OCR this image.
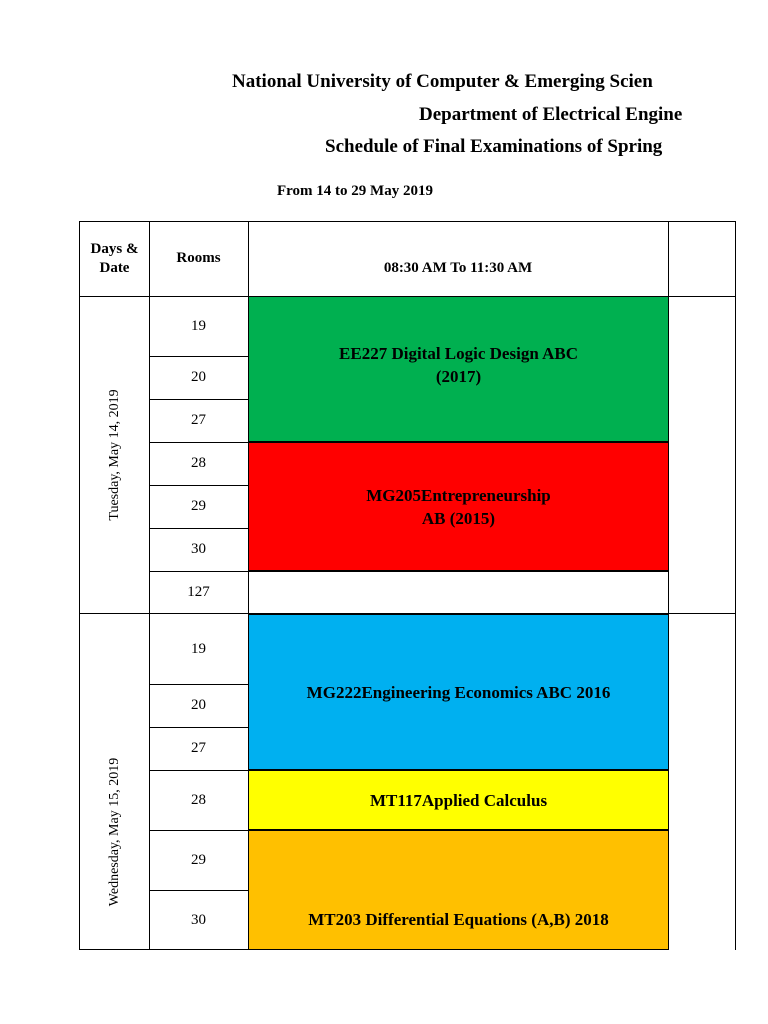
National University of Computer & Emerging Scien
Department of Electrical Engine
Schedule of Final Examinations of Spring
From 14 to 29 May 2019
Days &
Date
Rooms
08:30 AM To 11:30 AM
EE227 Digital Logic Design ABC
(2017)
MG205Entrepreneurship
AB (2015)
MG222Engineering Economics ABC 2016
MT117Applied Calculus
MT203 Differential Equations (A,B) 2018
19
20
27
28
29
30
127
19
20
27
28
29
30
Tuesday, May 14, 2019
Wednesday, May 15, 2019
